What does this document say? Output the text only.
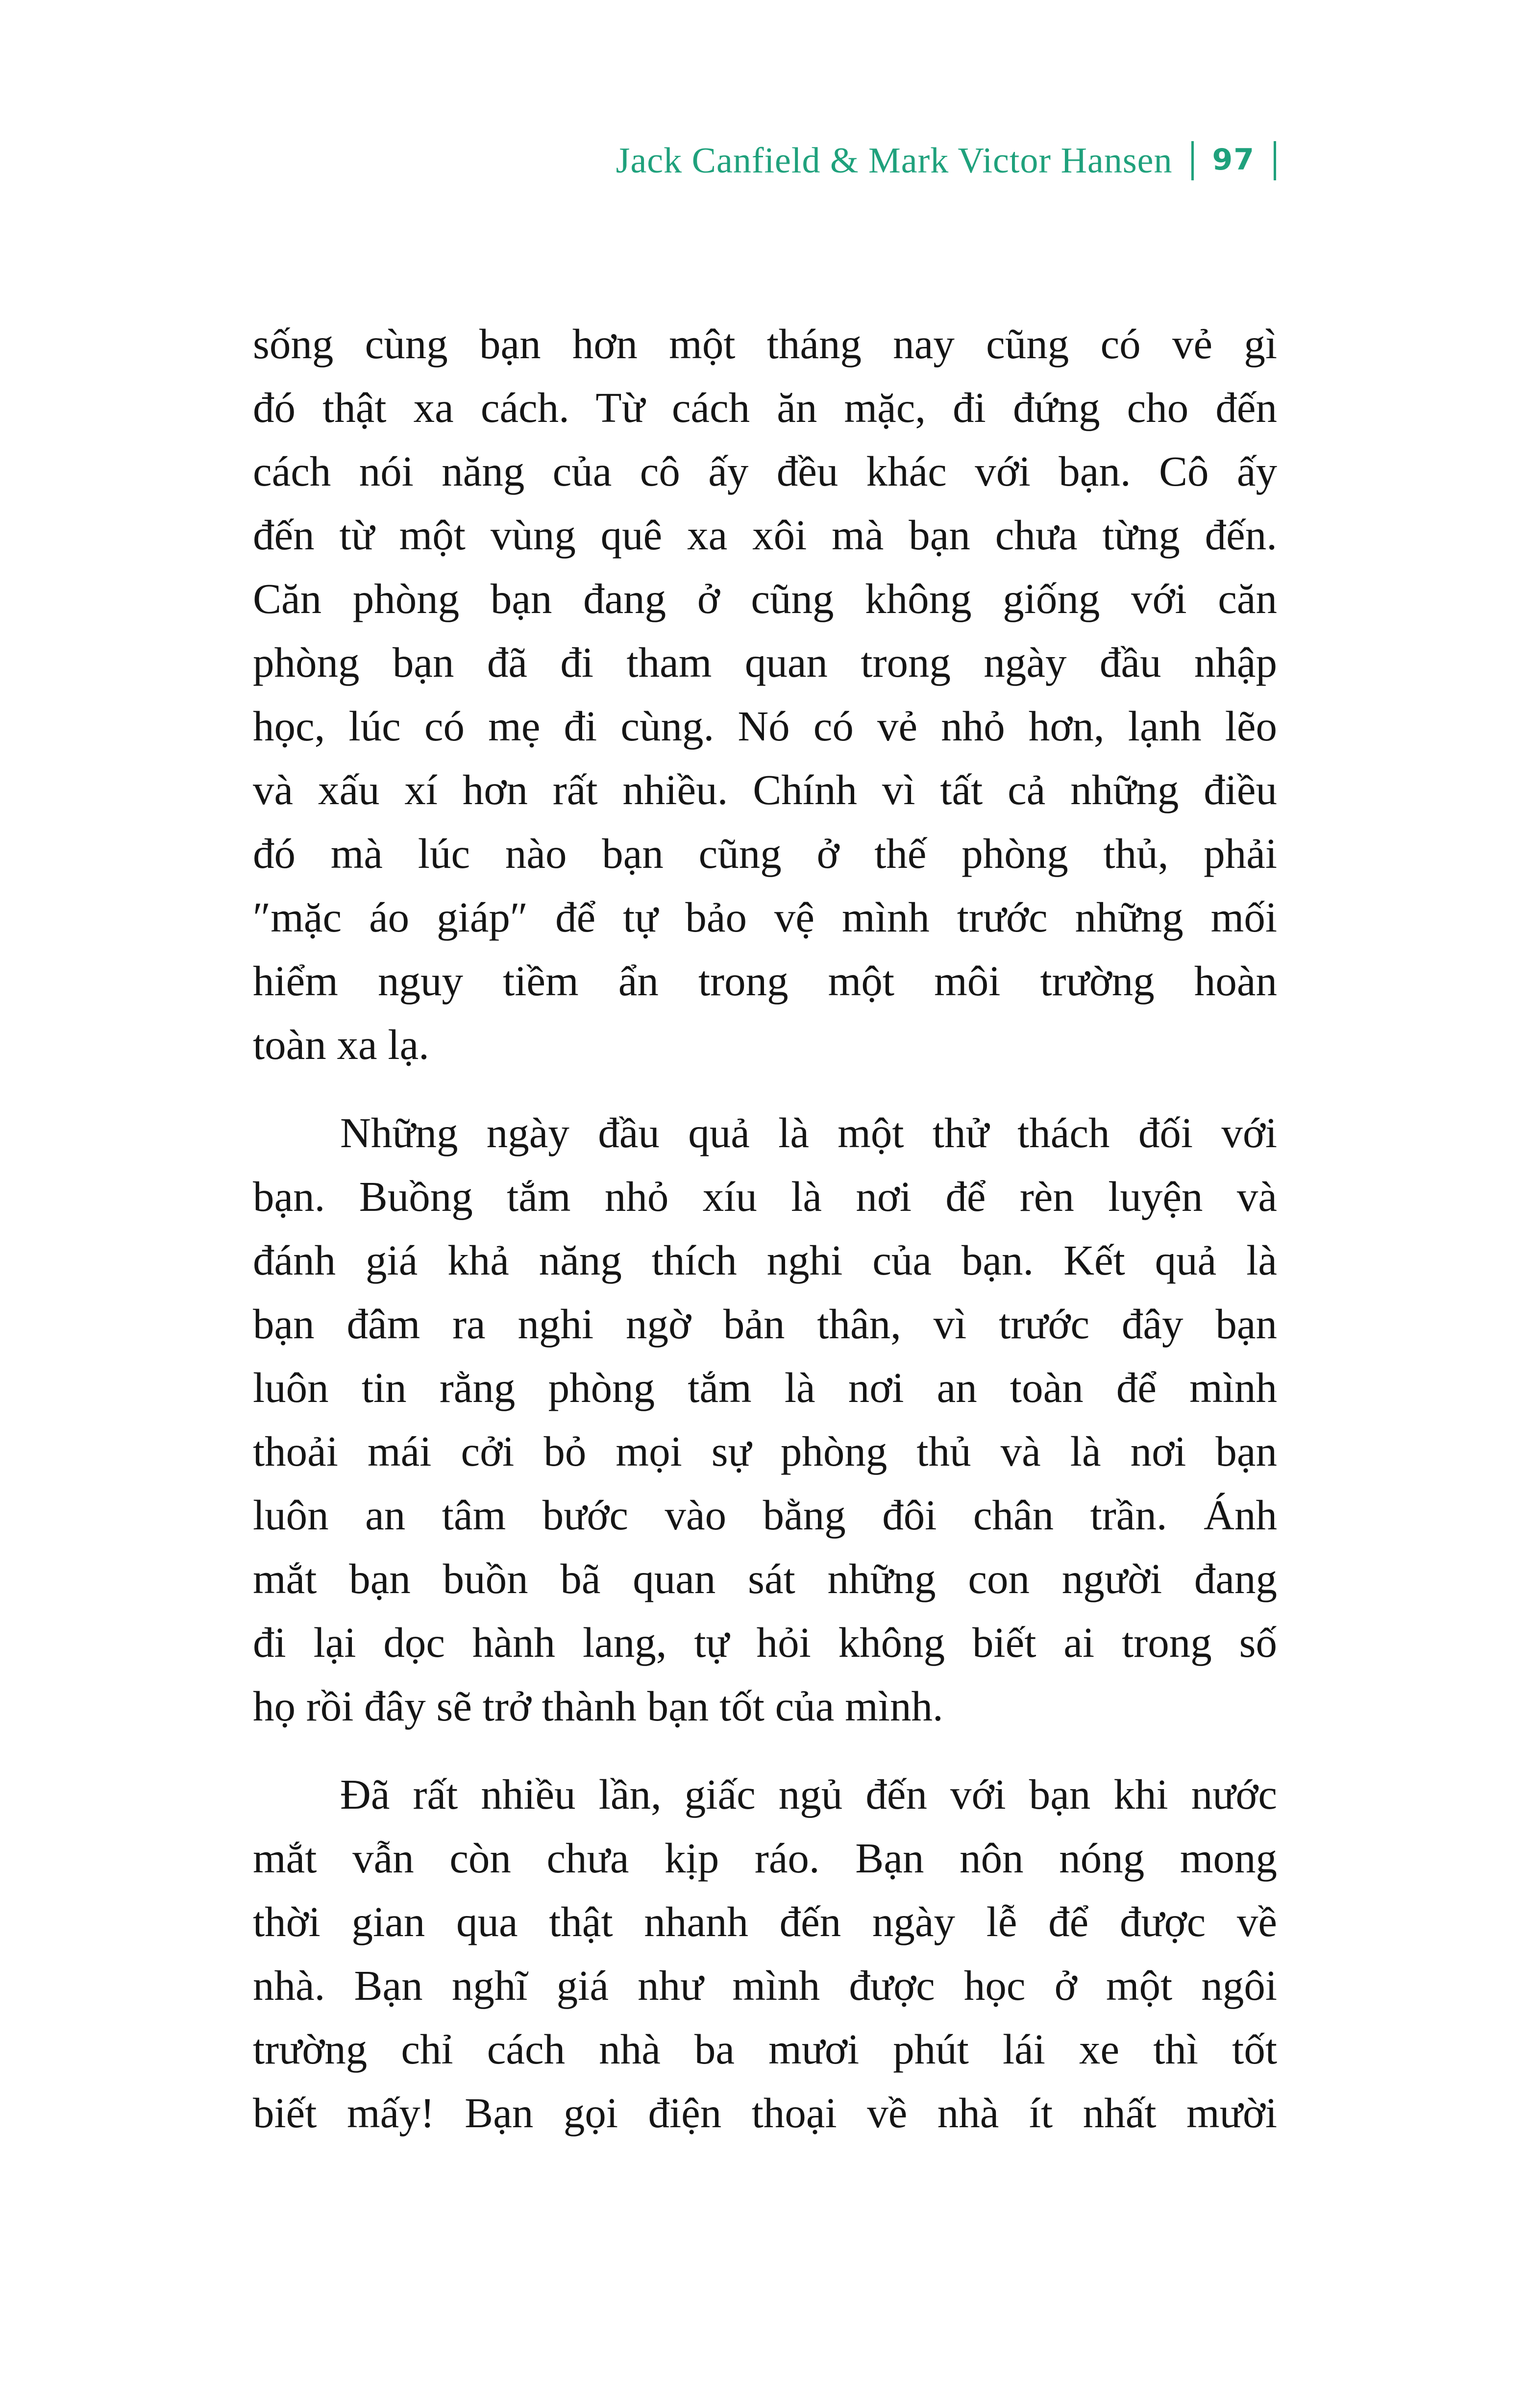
Jack Canfield & Mark Victor Hansen 97

sống cùng bạn hơn một tháng nay cũng có vẻ gì

đó thật xa cách. Từ cách ăn mặc, đi đứng cho đến

cách nói năng của cô ấy đều khác với bạn. Cô ấy

đến từ một vùng quê xa xôi mà bạn chưa từng đến.

Căn phòng bạn đang ở cũng không giống với căn

phòng bạn đã đi tham quan trong ngày đầu nhập

học, lúc có mẹ đi cùng. Nó có vẻ nhỏ hơn, lạnh lẽo

và xấu xí hơn rất nhiều. Chính vì tất cả những điều

đó mà lúc nào bạn cũng ở thế phòng thủ, phải

″mặc áo giáp″ để tự bảo vệ mình trước những mối

hiểm nguy tiềm ẩn trong một môi trường hoàn

toàn xa lạ.

Những ngày đầu quả là một thử thách đối với

bạn. Buồng tắm nhỏ xíu là nơi để rèn luyện và

đánh giá khả năng thích nghi của bạn. Kết quả là

bạn đâm ra nghi ngờ bản thân, vì trước đây bạn

luôn tin rằng phòng tắm là nơi an toàn để mình

thoải mái cởi bỏ mọi sự phòng thủ và là nơi bạn

luôn an tâm bước vào bằng đôi chân trần. Ánh

mắt bạn buồn bã quan sát những con người đang

đi lại dọc hành lang, tự hỏi không biết ai trong số

họ rồi đây sẽ trở thành bạn tốt của mình.

Đã rất nhiều lần, giấc ngủ đến với bạn khi nước

mắt vẫn còn chưa kịp ráo. Bạn nôn nóng mong

thời gian qua thật nhanh đến ngày lễ để được về

nhà. Bạn nghĩ giá như mình được học ở một ngôi

trường chỉ cách nhà ba mươi phút lái xe thì tốt

biết mấy! Bạn gọi điện thoại về nhà ít nhất mười
